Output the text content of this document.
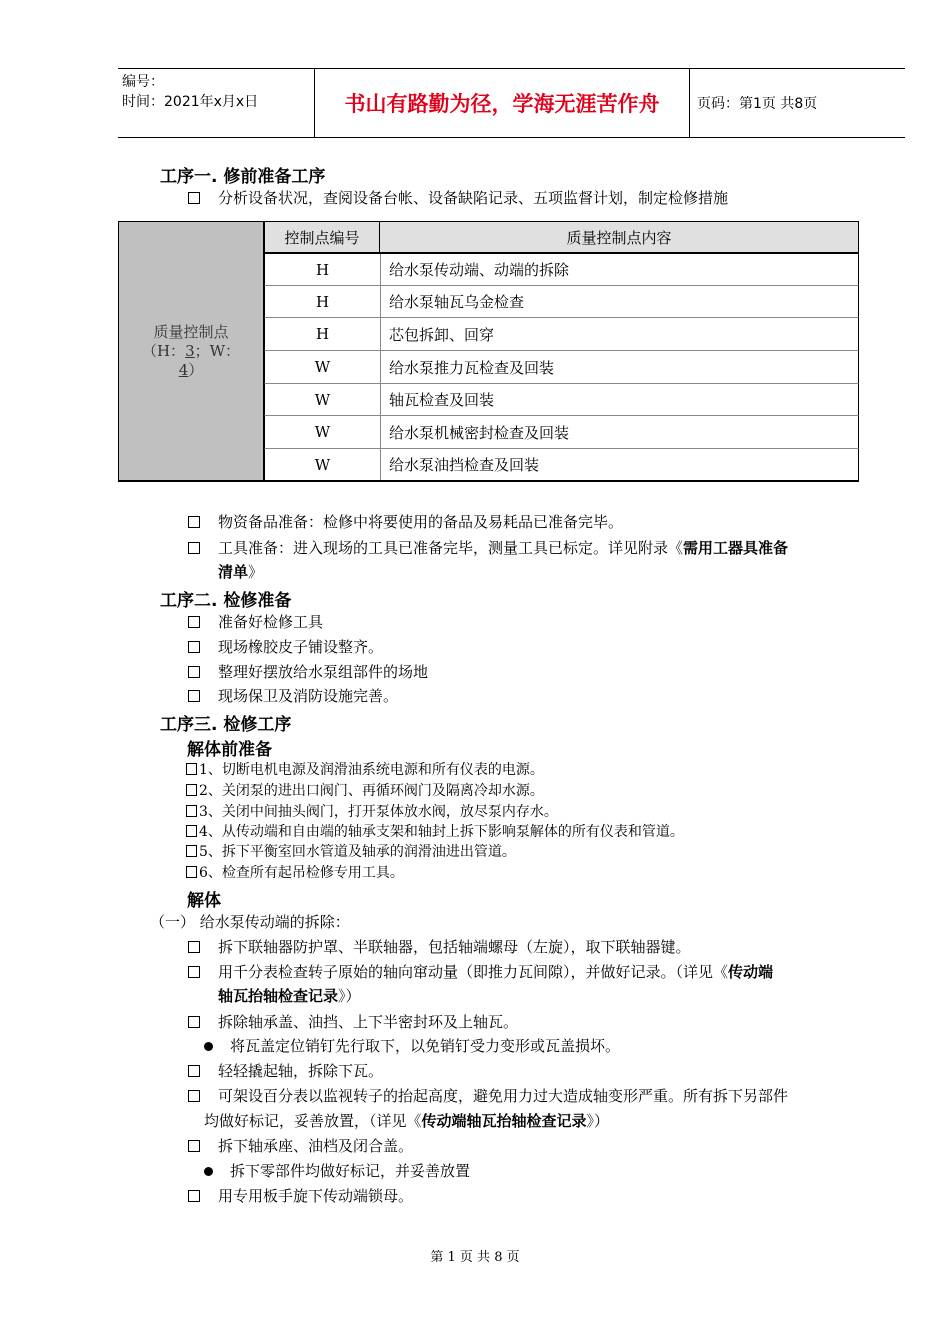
编号：
时间：2021年x月x日	书山有路勤为径，学海无涯苦作舟	页码：第1页 共8页
工序一. 修前准备工序
分析设备状况，查阅设备台帐、设备缺陷记录、五项监督计划，制定检修措施
质量控制点
（H：3；W：
4）
控制点编号	质量控制点内容
H	给水泵传动端、动端的拆除
H	给水泵轴瓦乌金检查
H	芯包拆卸、回穿
W	给水泵推力瓦检查及回装
W	轴瓦检查及回装
W	给水泵机械密封检查及回装
W	给水泵油挡检查及回装
物资备品准备：检修中将要使用的备品及易耗品已准备完毕。
工具准备：进入现场的工具已准备完毕，测量工具已标定。详见附录《需用工器具准备
清单》
工序二. 检修准备
准备好检修工具
现场橡胶皮子铺设整齐。
整理好摆放给水泵组部件的场地
现场保卫及消防设施完善。
工序三. 检修工序
解体前准备
1、切断电机电源及润滑油系统电源和所有仪表的电源。
2、关闭泵的进出口阀门、再循环阀门及隔离冷却水源。
3、关闭中间抽头阀门，打开泵体放水阀，放尽泵内存水。
4、从传动端和自由端的轴承支架和轴封上拆下影响泵解体的所有仪表和管道。
5、拆下平衡室回水管道及轴承的润滑油进出管道。
6、检查所有起吊检修专用工具。
解体
（一） 给水泵传动端的拆除：
拆下联轴器防护罩、半联轴器，包括轴端螺母（左旋），取下联轴器键。
用千分表检查转子原始的轴向窜动量（即推力瓦间隙），并做好记录。（详见《传动端
轴瓦抬轴检查记录》）
拆除轴承盖、油挡、上下半密封环及上轴瓦。
将瓦盖定位销钉先行取下，以免销钉受力变形或瓦盖损坏。
轻轻撬起轴，拆除下瓦。
可架设百分表以监视转子的抬起高度，避免用力过大造成轴变形严重。所有拆下另部件
均做好标记，妥善放置，（详见《传动端轴瓦抬轴检查记录》）
拆下轴承座、油档及闭合盖。
拆下零部件均做好标记，并妥善放置
用专用板手旋下传动端锁母。
第 1 页 共 8 页
